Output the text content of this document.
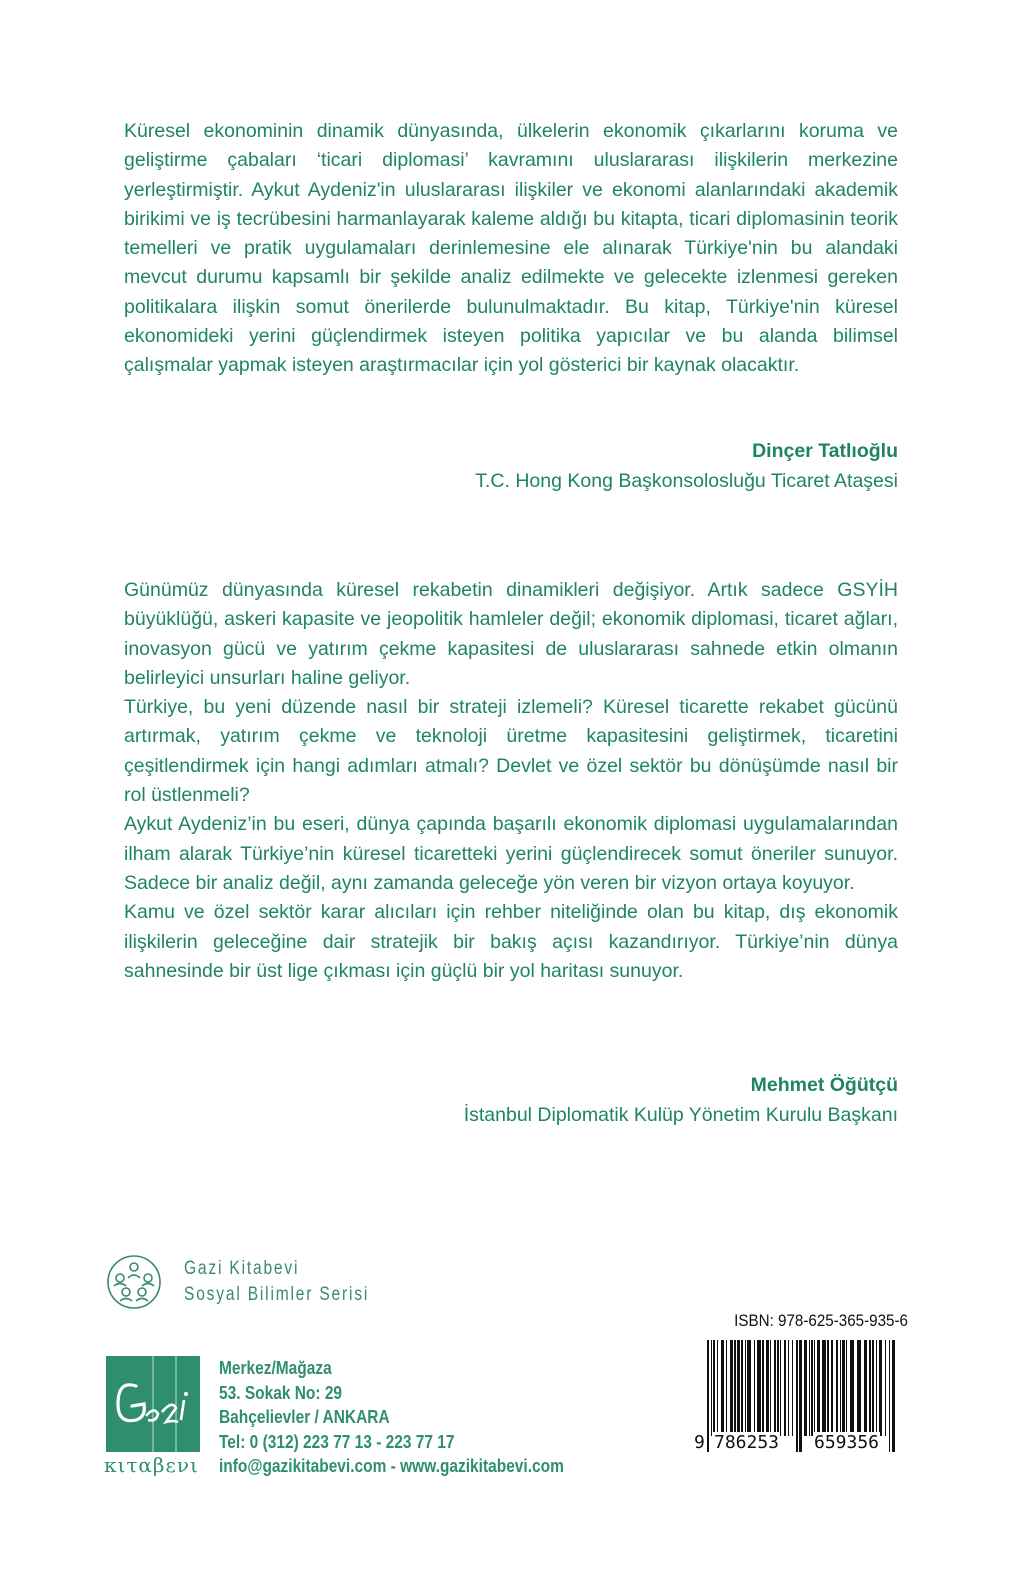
Küresel ekonominin dinamik dünyasında, ülkelerin ekonomik çıkarlarını koruma ve geliştirme çabaları ‘ticari diplomasi’ kavramını uluslararası ilişkilerin merkezine yerleştirmiştir. Aykut Aydeniz'in uluslararası ilişkiler ve ekonomi alanlarındaki akademik birikimi ve iş tecrübesini harmanlayarak kaleme aldığı bu kitapta, ticari diplomasinin teorik temelleri ve pratik uygulamaları derinlemesine ele alınarak Türkiye'nin bu alandaki mevcut durumu kapsamlı bir şekilde analiz edilmekte ve gelecekte izlenmesi gereken politikalara ilişkin somut önerilerde bulunulmaktadır. Bu kitap, Türkiye'nin küresel ekonomideki yerini güçlendirmek isteyen politika yapıcılar ve bu alanda bilimsel çalışmalar yapmak isteyen araştırmacılar için yol gösterici bir kaynak olacaktır.

Dinçer Tatlıoğlu
T.C. Hong Kong Başkonsolosluğu Ticaret Ataşesi

Günümüz dünyasında küresel rekabetin dinamikleri değişiyor. Artık sadece GSYİH büyüklüğü, askeri kapasite ve jeopolitik hamleler değil; ekonomik diplomasi, ticaret ağları, inovasyon gücü ve yatırım çekme kapasitesi de uluslararası sahnede etkin olmanın belirleyici unsurları haline geliyor.

Türkiye, bu yeni düzende nasıl bir strateji izlemeli? Küresel ticarette rekabet gücünü artırmak, yatırım çekme ve teknoloji üretme kapasitesini geliştirmek, ticaretini çeşitlendirmek için hangi adımları atmalı? Devlet ve özel sektör bu dönüşümde nasıl bir rol üstlenmeli?

Aykut Aydeniz’in bu eseri, dünya çapında başarılı ekonomik diplomasi uygulamalarından ilham alarak Türkiye’nin küresel ticaretteki yerini güçlendirecek somut öneriler sunuyor. Sadece bir analiz değil, aynı zamanda geleceğe yön veren bir vizyon ortaya koyuyor.

Kamu ve özel sektör karar alıcıları için rehber niteliğinde olan bu kitap, dış ekonomik ilişkilerin geleceğine dair stratejik bir bakış açısı kazandırıyor. Türkiye’nin dünya sahnesinde bir üst lige çıkması için güçlü bir yol haritası sunuyor.

Mehmet Öğütçü
İstanbul Diplomatik Kulüp Yönetim Kurulu Başkanı
Gazi Kitabevi
Sosyal Bilimler Serisi
κιταβενι
Merkez/Mağaza
53. Sokak No: 29
Bahçelievler / ANKARA
Tel: 0 (312) 223 77 13 - 223 77 17
info@gazikitabevi.com - www.gazikitabevi.com
ISBN: 978-625-365-935-6
9 786253 659356
